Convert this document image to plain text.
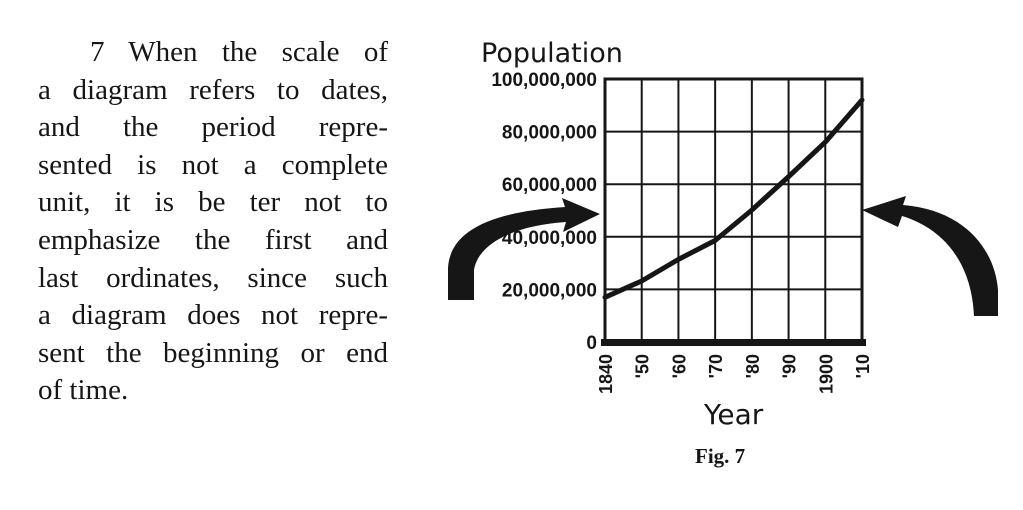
7 When the scale of
a diagram refers to dates,
and the period repre-
sented is not a complete
unit, it is be ter not to
emphasize the first and
last ordinates, since such
a diagram does not repre-
sent the beginning or end
of time.
Population
0
20,000,000
40,000,000
60,000,000
80,000,000
100,000,000
1840 '50 '60 '70 '80 '90 1900 '10
Year
Fig. 7
